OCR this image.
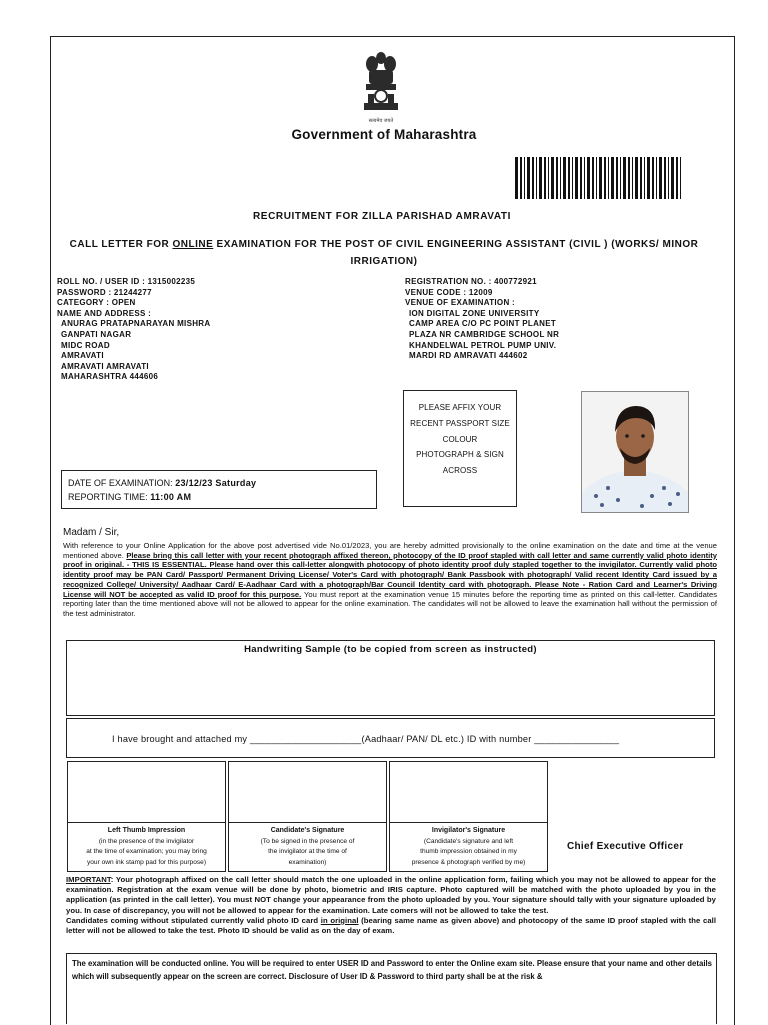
सत्यमेव जयते
Government of Maharashtra
RECRUITMENT FOR ZILLA PARISHAD AMRAVATI
CALL LETTER FOR ONLINE EXAMINATION FOR THE POST OF CIVIL ENGINEERING ASSISTANT (CIVIL ) (WORKS/ MINOR IRRIGATION)
ROLL NO. / USER ID : 1315002235
PASSWORD : 21244277
CATEGORY : OPEN
NAME AND ADDRESS :
ANURAG PRATAPNARAYAN MISHRA
GANPATI NAGAR
MIDC ROAD
AMRAVATI
AMRAVATI AMRAVATI
MAHARASHTRA 444606
REGISTRATION NO. : 400772921
VENUE CODE : 12009
VENUE OF EXAMINATION :
ION DIGITAL ZONE UNIVERSITY
CAMP AREA C/O PC POINT PLANET
PLAZA NR CAMBRIDGE SCHOOL NR
KHANDELWAL PETROL PUMP UNIV.
MARDI RD AMRAVATI 444602
PLEASE AFFIX YOUR
RECENT PASSPORT SIZE
COLOUR
PHOTOGRAPH & SIGN
ACROSS
DATE OF EXAMINATION: 23/12/23 Saturday
REPORTING TIME: 11:00 AM
Madam / Sir,
With reference to your Online Application for the above post advertised vide No.01/2023, you are hereby admitted provisionally to the online examination on the date and time at the venue mentioned above. Please bring this call letter with your recent photograph affixed thereon, photocopy of the ID proof stapled with call letter and same currently valid photo identity proof in original. - THIS IS ESSENTIAL. Please hand over this call-letter alongwith photocopy of photo identity proof duly stapled together to the invigilator. Currently valid photo identity proof may be PAN Card/ Passport/ Permanent Driving License/ Voter's Card with photograph/ Bank Passbook with photograph/ Valid recent Identity Card issued by a recognized College/ University/ Aadhaar Card/ E-Aadhaar Card with a photograph/Bar Council Identity card with photograph. Please Note - Ration Card and Learner's Driving License will NOT be accepted as valid ID proof for this purpose. You must report at the examination venue 15 minutes before the reporting time as printed on this call-letter. Candidates reporting later than the time mentioned above will not be allowed to appear for the online examination. The candidates will not be allowed to leave the examination hall without the permission of the test administrator.
Handwriting Sample (to be copied from screen as instructed)
I have brought and attached my _____________________(Aadhaar/ PAN/ DL etc.) ID with number ________________
Left Thumb Impression
(in the presence of the invigilator
at the time of examination; you may bring
your own ink stamp pad for this purpose)
Candidate's Signature
(To be signed in the presence of
the invigilator at the time of
examination)
Invigilator's Signature
(Candidate's signature and left
thumb impression obtained in my
presence & photograph verified by me)
Chief Executive Officer
IMPORTANT: Your photograph affixed on the call letter should match the one uploaded in the online application form, failing which you may not be allowed to appear for the examination. Registration at the exam venue will be done by photo, biometric and IRIS capture. Photo captured will be matched with the photo uploaded by you in the application (as printed in the call letter). You must NOT change your appearance from the photo uploaded by you. Your signature should tally with your signature uploaded by you. In case of discrepancy, you will not be allowed to appear for the examination. Late comers will not be allowed to take the test.
Candidates coming without stipulated currently valid photo ID card in original (bearing same name as given above) and photocopy of the same ID proof stapled with the call letter will not be allowed to take the test. Photo ID should be valid as on the day of exam.
The examination will be conducted online. You will be required to enter USER ID and Password to enter the Online exam site. Please ensure that your name and other details which will subsequently appear on the screen are correct. Disclosure of User ID & Password to third party shall be at the risk &
